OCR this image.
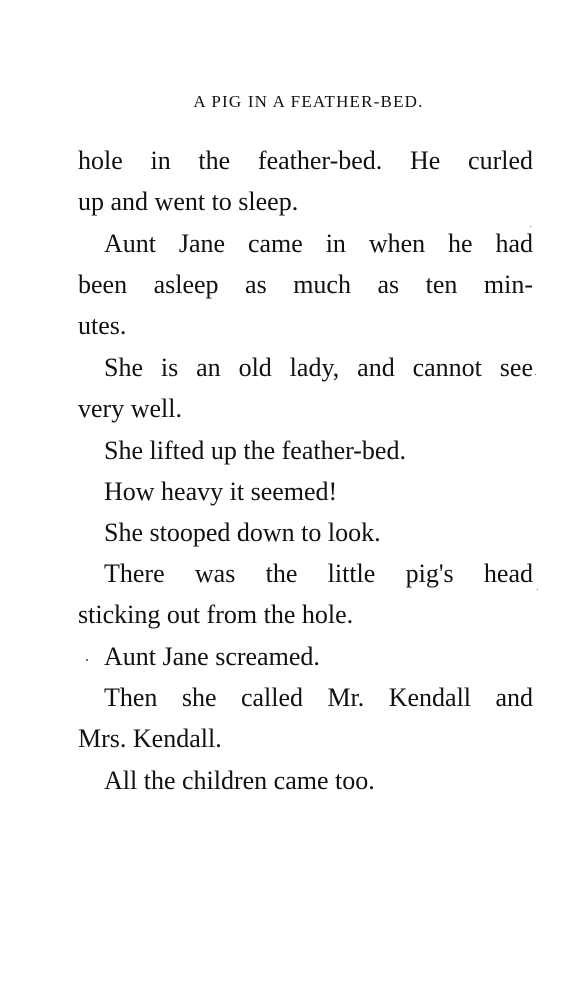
A PIG IN A FEATHER-BED.
hole in the feather-bed. He curled
up and went to sleep.
Aunt Jane came in when he had
been asleep as much as ten min-
utes.
She is an old lady, and cannot see
very well.
She lifted up the feather-bed.
How heavy it seemed!
She stooped down to look.
There was the little pig's head
sticking out from the hole.
Aunt Jane screamed.
Then she called Mr. Kendall and
Mrs. Kendall.
All the children came too.
